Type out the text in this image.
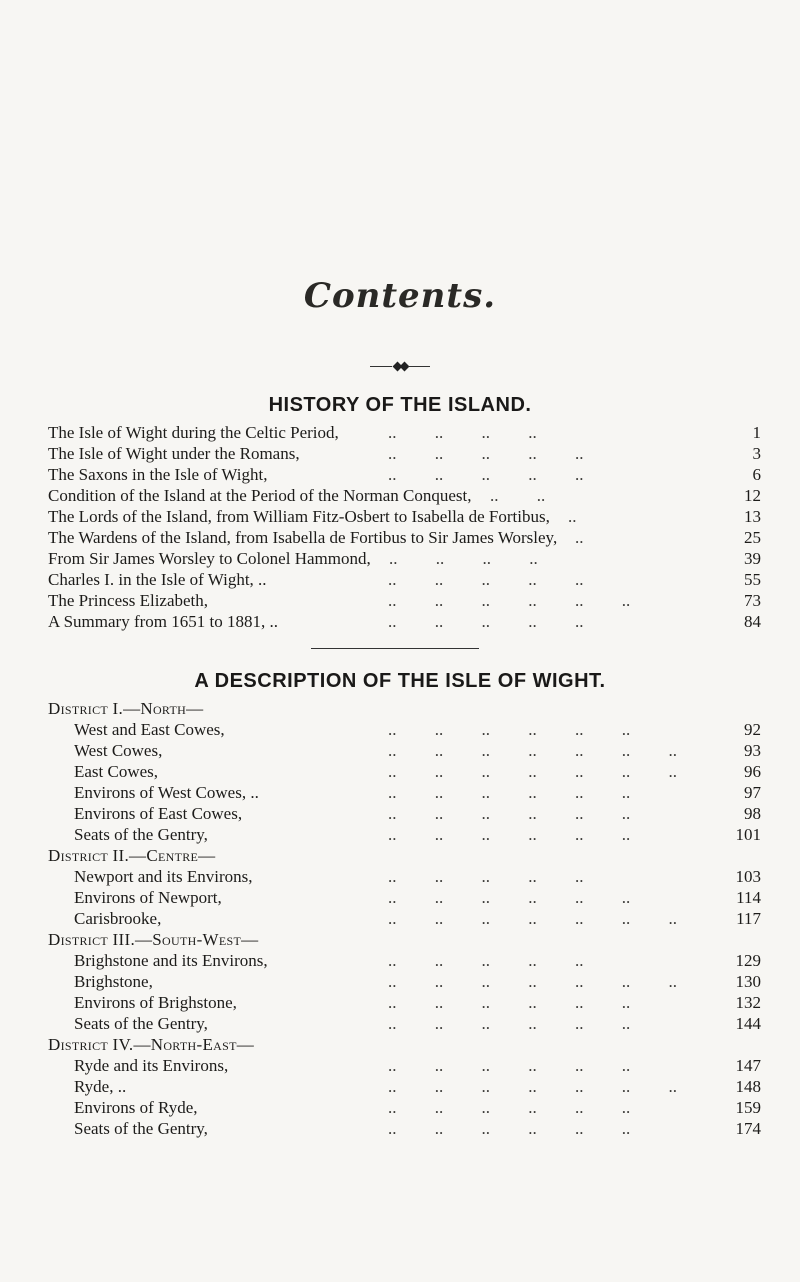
Contents.
HISTORY OF THE ISLAND.
The Isle of Wight during the Celtic Period,	..         ..         ..         ..	1
The Isle of Wight under the Romans,	..         ..         ..         ..         ..	3
The Saxons in the Isle of Wight,	..         ..         ..         ..         ..	6
Condition of the Island at the Period of the Norman Conquest, ..         ..	12
The Lords of the Island, from William Fitz-Osbert to Isabella de Fortibus, ..	13
The Wardens of the Island, from Isabella de Fortibus to Sir James Worsley, ..	25
From Sir James Worsley to Colonel Hammond, ..         ..         ..         ..	39
Charles I. in the Isle of Wight, ..	..         ..         ..         ..         ..	55
The Princess Elizabeth,	..         ..         ..         ..         ..         ..	73
A Summary from 1651 to 1881, ..	..         ..         ..         ..         ..	84
A DESCRIPTION OF THE ISLE OF WIGHT.
District I.—North—
West and East Cowes,	..         ..         ..         ..         ..         ..	92
West Cowes,	..         ..         ..         ..         ..         ..         ..	93
East Cowes,	..         ..         ..         ..         ..         ..         ..	96
Environs of West Cowes, ..	..         ..         ..         ..         ..         ..	97
Environs of East Cowes,	..         ..         ..         ..         ..         ..	98
Seats of the Gentry,	..         ..         ..         ..         ..         ..	101
District II.—Centre—
Newport and its Environs,	..         ..         ..         ..         ..	103
Environs of Newport,	..         ..         ..         ..         ..         ..	114
Carisbrooke,	..         ..         ..         ..         ..         ..         ..	117
District III.—South-West—
Brighstone and its Environs,	..         ..         ..         ..         ..	129
Brighstone,	..         ..         ..         ..         ..         ..         ..	130
Environs of Brighstone,	..         ..         ..         ..         ..         ..	132
Seats of the Gentry,	..         ..         ..         ..         ..         ..	144
District IV.—North-East—
Ryde and its Environs,	..         ..         ..         ..         ..         ..	147
Ryde, ..	..         ..         ..         ..         ..         ..         ..	148
Environs of Ryde,	..         ..         ..         ..         ..         ..	159
Seats of the Gentry,	..         ..         ..         ..         ..         ..	174
